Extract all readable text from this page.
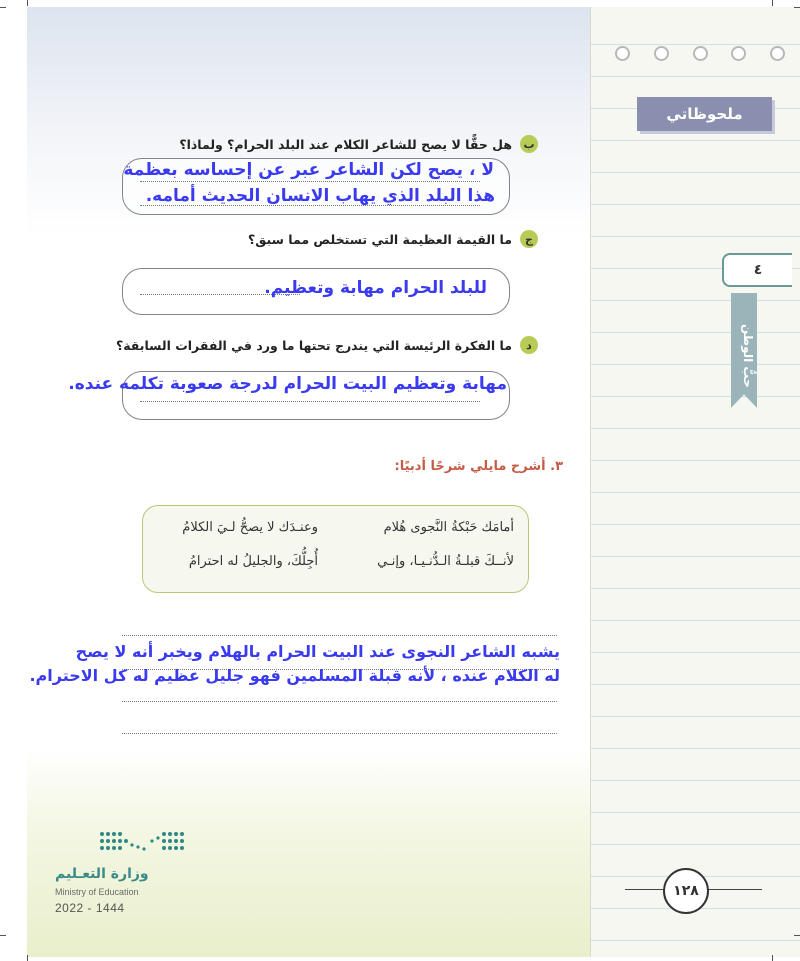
ملحوظاتي
٤
حبُّ الوطن
ب
هل حقًّا لا يصح للشاعر الكلام عند البلد الحرام؟ ولماذا؟
لا ، يصح لكن الشاعر عبر عن إحساسه بعظمة
هذا البلد الذي يهاب الانسان الحديث أمامه.
ج
ما القيمة العظيمة التي تستخلص مما سبق؟
للبلد الحرام مهابة وتعظيم.
د
ما الفكرة الرئيسة التي يندرج تحتها ما ورد في الفقرات السابقة؟
مهابة وتعظيم البيت الحرام لدرجة صعوبة تكلمه عنده.
٣. أشرح مايلي شرحًا أدبيًا:
أمامَك حَبْكةُ النَّجوى هُلام
وعنـدَك لا يصحُّ لـيَ الكلامُ
لأنــكَ قبلـةُ الـدُّنـيـا، وإنـي
أُجِلُّكَ، والجليلُ له احترامُ
يشبه الشاعر النجوى عند البيت الحرام بالهلام ويخبر أنه لا يصح
له الكلام عنده ، لأنه قبلة المسلمين فهو جليل عظيم له كل الاحترام.
١٢٨
وزارة التعـليم
Ministry of Education
2022 - 1444
